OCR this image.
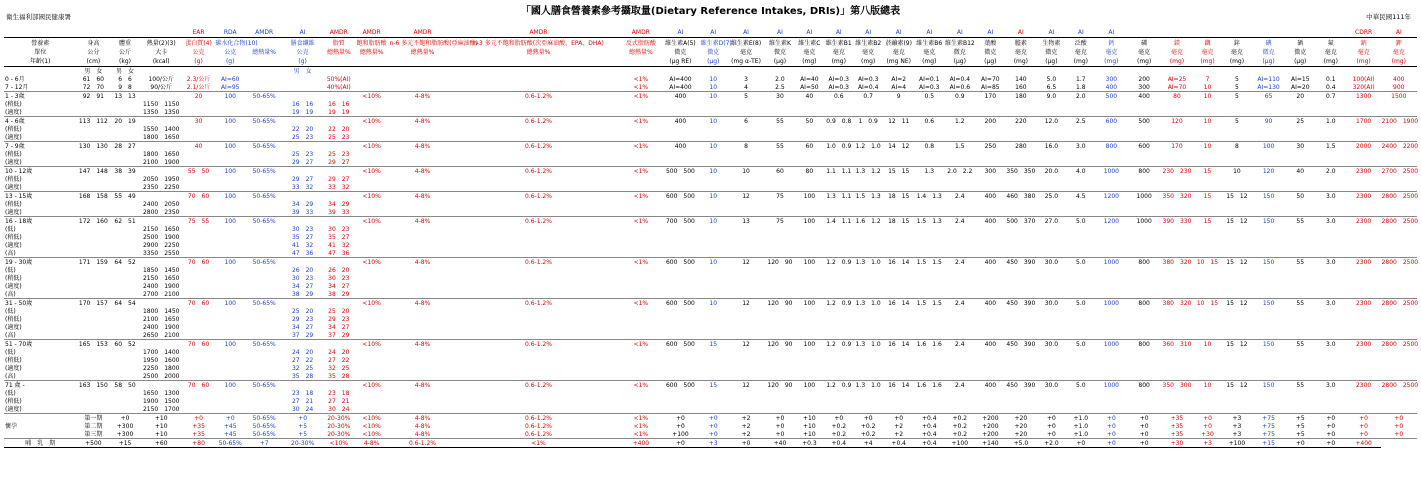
「國人膳食營養素參考攝取量(Dietary Reference Intakes, DRIs)」第八版總表
衛生福利部國民健康署	中華民國111年
				EAR	RDA	AMDR	AI	AMDR	AMDR	AMDR	AMDR	AMDR	AI	AI	AI	AI	AI	AI	AI	AI	AI	AI	AI	AI	AI	AI	AI								CDRR	AI
營養素	身高	體重	熱量(2)(3)	蛋白質(4)	碳水化合物(10)		膳食纖維	脂質	飽和脂肪酸	n-6 多元不飽和脂肪酸(亞麻油酸)	n-3 多元不飽和脂肪酸(次亞麻油酸、EPA、DHA)	反式脂肪酸	維生素A(5)	維生素D(7)	維生素E(8)	維生素K	維生素C	維生素B1	維生素B2	菸鹼素(9)	維生素B6	維生素B12	葉酸	膽素	生物素	泛酸	鈣	磷	鎂	鐵	鋅	碘	硒	氟	鈉	鉀
單位	公分	公斤	大卡	公克	公克	總熱量%	公克	總熱量%	總熱量%	總熱量%	總熱量%	總熱量%	微克	微克	毫克	微克	毫克	毫克	毫克	毫克	毫克	微克	微克	毫克	微克	毫克	毫克	毫克	毫克	毫克	毫克	微克	微克	毫克	毫克	毫克
年齡(1)	(cm)	(kg)	(kcal)	(g)	(g)		(g)						(μg RE)	(μg)	(mg α-TE)	(μg)	(mg)	(mg)	(mg)	(mg NE)	(mg)	(μg)	(μg)	(mg)	(μg)	(mg)	(mg)	(mg)	(mg)	(mg)	(mg)	(μg)	(μg)	(mg)	(mg)	(mg)
	男　女	男　女					男　女																													
0 - 6月	61　60	6　6	100/公斤	2.3/公斤	AI=60			50%(AI)				<1%	AI=400	10	3	2.0	AI=40	AI=0.3	AI=0.3	AI=2	AI=0.1	AI=0.4	AI=70	140	5.0	1.7	300	200	AI=25	7	5	AI=110	AI=15	0.1	100(AI)	400
7 - 12月	72　70	9　8	90/公斤	2.1/公斤	AI=95			40%(AI)				<1%	AI=400	10	4	2.5	AI=50	AI=0.3	AI=0.4	AI=4	AI=0.3	AI=0.6	AI=85	160	6.5	1.8	400	300	AI=70	10	5	AI=130	AI=20	0.4	320(AI)	900
1 - 3歲	92　91	13　13		20	100	50-65%			<10%	4-8%	0.6-1.2%	<1%	400	10	5	30	40	0.6	0.7	9	0.5	0.9	170	180	9.0	2.0	500	400	80	10	5	65	20	0.7	1300	1500
(稍低)			1150　1150				16　16	16　16																												
(適度)			1350　1350				19　19	19　19																												
4 - 6歲	113　112	20　19		30	100	50-65%			<10%	4-8%	0.6-1.2%	<1%	400	10	6	55	50	0.9　0.8	1　0.9	12　11	0.6	1.2	200	220	12.0	2.5	600	500	120	10	5	90	25	1.0	1700	2100　1900
(稍低)			1550　1400				22　20	22　20																												
(適度)			1800　1650				25　23	25　23																												
7 - 9歲	130　130	28　27		40	100	50-65%			<10%	4-8%	0.6-1.2%	<1%	400	10	8	55	60	1.0　0.9	1.2　1.0	14　12	0.8	1.5	250	280	16.0	3.0	800	600	170	10	8	100	30	1.5	2000	2400　2200
(稍低)			1800　1650				25　23	25　23																												
(適度)			2100　1900				29　27	29　27																												
10 - 12歲	147　148	38　39		55　50	100	50-65%			<10%	4-8%	0.6-1.2%	<1%	500　500	10	10	60	80	1.1　1.1	1.3　1.2	15　15	1.3	2.0　2.2	300	350　350	20.0	4.0	1000	800	230　230	15	10	120	40	2.0	2300	2700　2500
(稍低)			2050　1950				29　27	29　27																												
(適度)			2350　2250				33　32	33　32																												
13 - 15歲	168　158	55　49		70　60	100	50-65%			<10%	4-8%	0.6-1.2%	<1%	600　500	10	12	75	100	1.3　1.1	1.5　1.3	18　15	1.4　1.3	2.4	400	460　380	25.0	4.5	1200	1000	350　320	15	15　12	150	50	3.0	2300	2800　2500
(稍低)			2400　2050				34　29	34　29																												
(適度)			2800　2350				39　33	39　33																												
16 - 18歲	172　160	62　51		75　55	100	50-65%			<10%	4-8%	0.6-1.2%	<1%	700　500	10	13	75	100	1.4　1.1	1.6　1.2	18　15	1.5　1.3	2.4	400	500　370	27.0	5.0	1200	1000	390　330	15	15　12	150	55	3.0	2300	2800　2500
(低)			2150　1650				30　23	30　23																												
(稍低)			2500　1900				35　27	35　27																												
(適度)			2900　2250				41　32	41　32																												
(高)			3350　2550				47　36	47　36																												
19 - 30歲	171　159	64　52		70　60	100	50-65%			<10%	4-8%	0.6-1.2%	<1%	600　500	10	12	120　90	100	1.2　0.9	1.3　1.0	16　14	1.5　1.5	2.4	400	450　390	30.0	5.0	1000	800	380　320	10　15	15　12	150	55	3.0	2300	2800　2500
(低)			1850　1450				26　20	26　20																												
(稍低)			2150　1650				30　23	30　23																												
(適度)			2400　1900				34　27	34　27																												
(高)			2700　2100				38　29	38　29																												
31 - 50歲	170　157	64　54		70　60	100	50-65%			<10%	4-8%	0.6-1.2%	<1%	600　500	10	12	120　90	100	1.2　0.9	1.3　1.0	16　14	1.5　1.5	2.4	400	450　390	30.0	5.0	1000	800	380　320	10　15	15　12	150	55	3.0	2300	2800　2500
(低)			1800　1450				25　20	25　20																												
(稍低)			2100　1650				29　23	29　23																												
(適度)			2400　1900				34　27	34　27																												
(高)			2650　2100				37　29	37　29																												
51 - 70歲	165　153	60　52		70　60	100	50-65%			<10%	4-8%	0.6-1.2%	<1%	600　500	15	12	120　90	100	1.2　0.9	1.3　1.0	16　14	1.6　1.6	2.4	400	450　390	30.0	5.0	1000	800	360　310	10	15　12	150	55	3.0	2300	2800　2500
(低)			1700　1400				24　20	24　20																												
(稍低)			1950　1600				27　22	27　22																												
(適度)			2250　1800				32　25	32　25																												
(高)			2500　2000				35　28	35　28																												
71 歲 -	163　150	58　50		70　60	100	50-65%			<10%	4-8%	0.6-1.2%	<1%	600　500	15	12	120　90	100	1.2　0.9	1.3　1.0	16　14	1.6　1.6	2.4	400	450　390	30.0	5.0	1000	800	350　300	10	15　12	150	55	3.0	2300	2800　2500
(低)			1650　1300				23　18	23　18																												
(稍低)			1900　1500				27　21	27　21																												
(適度)			2150　1700				30　24	30　24																												
	第一期	+0	+10	+0	+0	50-65%	+0	20-30%	<10%	4-8%	0.6-1.2%	<1%	+0	+0	+2	+0	+10	+0	+0	+0	+0.4	+0.2	+200	+20	+0	+1.0	+0	+0	+35	+0	+3	+75	+5	+0	+0	+0
懷孕	第二期	+300	+10	+35	+45	50-65%	+5	20-30%	<10%	4-8%	0.6-1.2%	<1%	+0	+0	+2	+0	+10	+0.2	+0.2	+2	+0.4	+0.2	+200	+20	+0	+1.0	+0	+0	+35	+0	+3	+75	+5	+0	+0	+0
	第三期	+300	+10	+35	+45	50-65%	+5	20-30%	<10%	4-8%	0.6-1.2%	<1%	+100	+0	+2	+0	+10	+0.2	+0.2	+2	+0.4	+0.2	+200	+20	+0	+1.0	+0	+0	+35	+30	+3	+75	+5	+0	+0	+0
哺　乳　期	+500	+15	+60	+80	50-65%	+7	20-30%	<10%	4-8%	0.6-1.2%	<1%	+400	+0	+3	+0	+40	+0.3	+0.4	+4	+0.4	+0.4	+100	+140	+5.0	+2.0	+0	+0	+0	+30	+3	+100	+15	+0	+0	+400	
